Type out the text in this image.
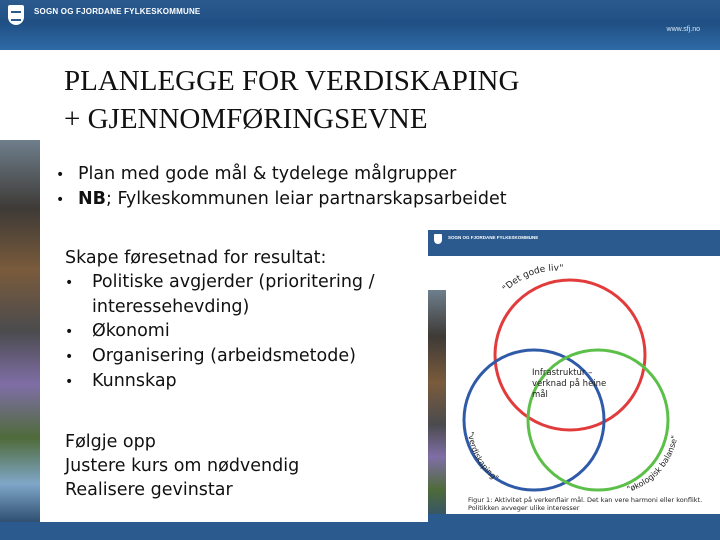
SOGN OG FJORDANE FYLKESKOMMUNE
www.sfj.no
PLANLEGGE FOR VERDISKAPING
+ GJENNOMFØRINGSEVNE
• Plan med gode mål & tydelege målgrupper
• NB; Fylkeskommunen leiar partnarskapsarbeidet
Skape føresetnad for resultat:
• Politiske avgjerder (prioritering /
interessehevding)
• Økonomi
• Organisering (arbeidsmetode)
• Kunnskap
Følgje opp
Justere kurs om nødvendig
Realisere gevinstar
SOGN OG FJORDANE FYLKESKOMMUNE
"Det gode liv"
"verdiskaping"
"økologisk balanse"
Infrastruktur – verknad på heine mål
Figur 1: Aktivitet på verkenflair mål. Det kan vere harmoni eller konflikt. Politikken avveger ulike interesser
